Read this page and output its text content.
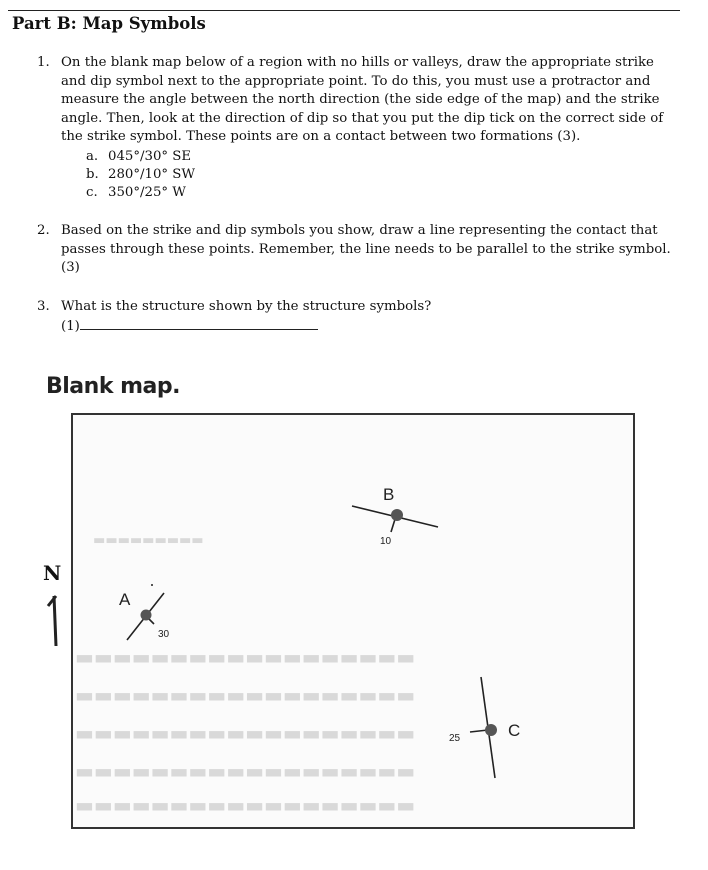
Part B: Map Symbols
1. On the blank map below of a region with no hills or valleys, draw the appropriate strike
and dip symbol next to the appropriate point. To do this, you must use a protractor and
measure the angle between the north direction (the side edge of the map) and the strike
angle. Then, look at the direction of dip so that you put the dip tick on the correct side of
the strike symbol. These points are on a contact between two formations (3).
a. 045°/30° SE
b. 280°/10° SW
c. 350°/25° W
2. Based on the strike and dip symbols you show, draw a line representing the contact that
passes through these points. Remember, the line needs to be parallel to the strike symbol.
(3)
3. What is the structure shown by the structure symbols?
(1)
Blank map.
▬▬▬▬▬▬▬▬▬
▬▬▬▬▬▬▬▬▬▬▬▬▬▬▬▬▬▬
▬▬▬▬▬▬▬▬▬▬▬▬▬▬▬▬▬▬
▬▬▬▬▬▬▬▬▬▬▬▬▬▬▬▬▬▬
▬▬▬▬▬▬▬▬▬▬▬▬▬▬▬▬▬▬
▬▬▬▬▬▬▬▬▬▬▬▬▬▬▬▬▬▬
N
A
30
B
10
C
25
